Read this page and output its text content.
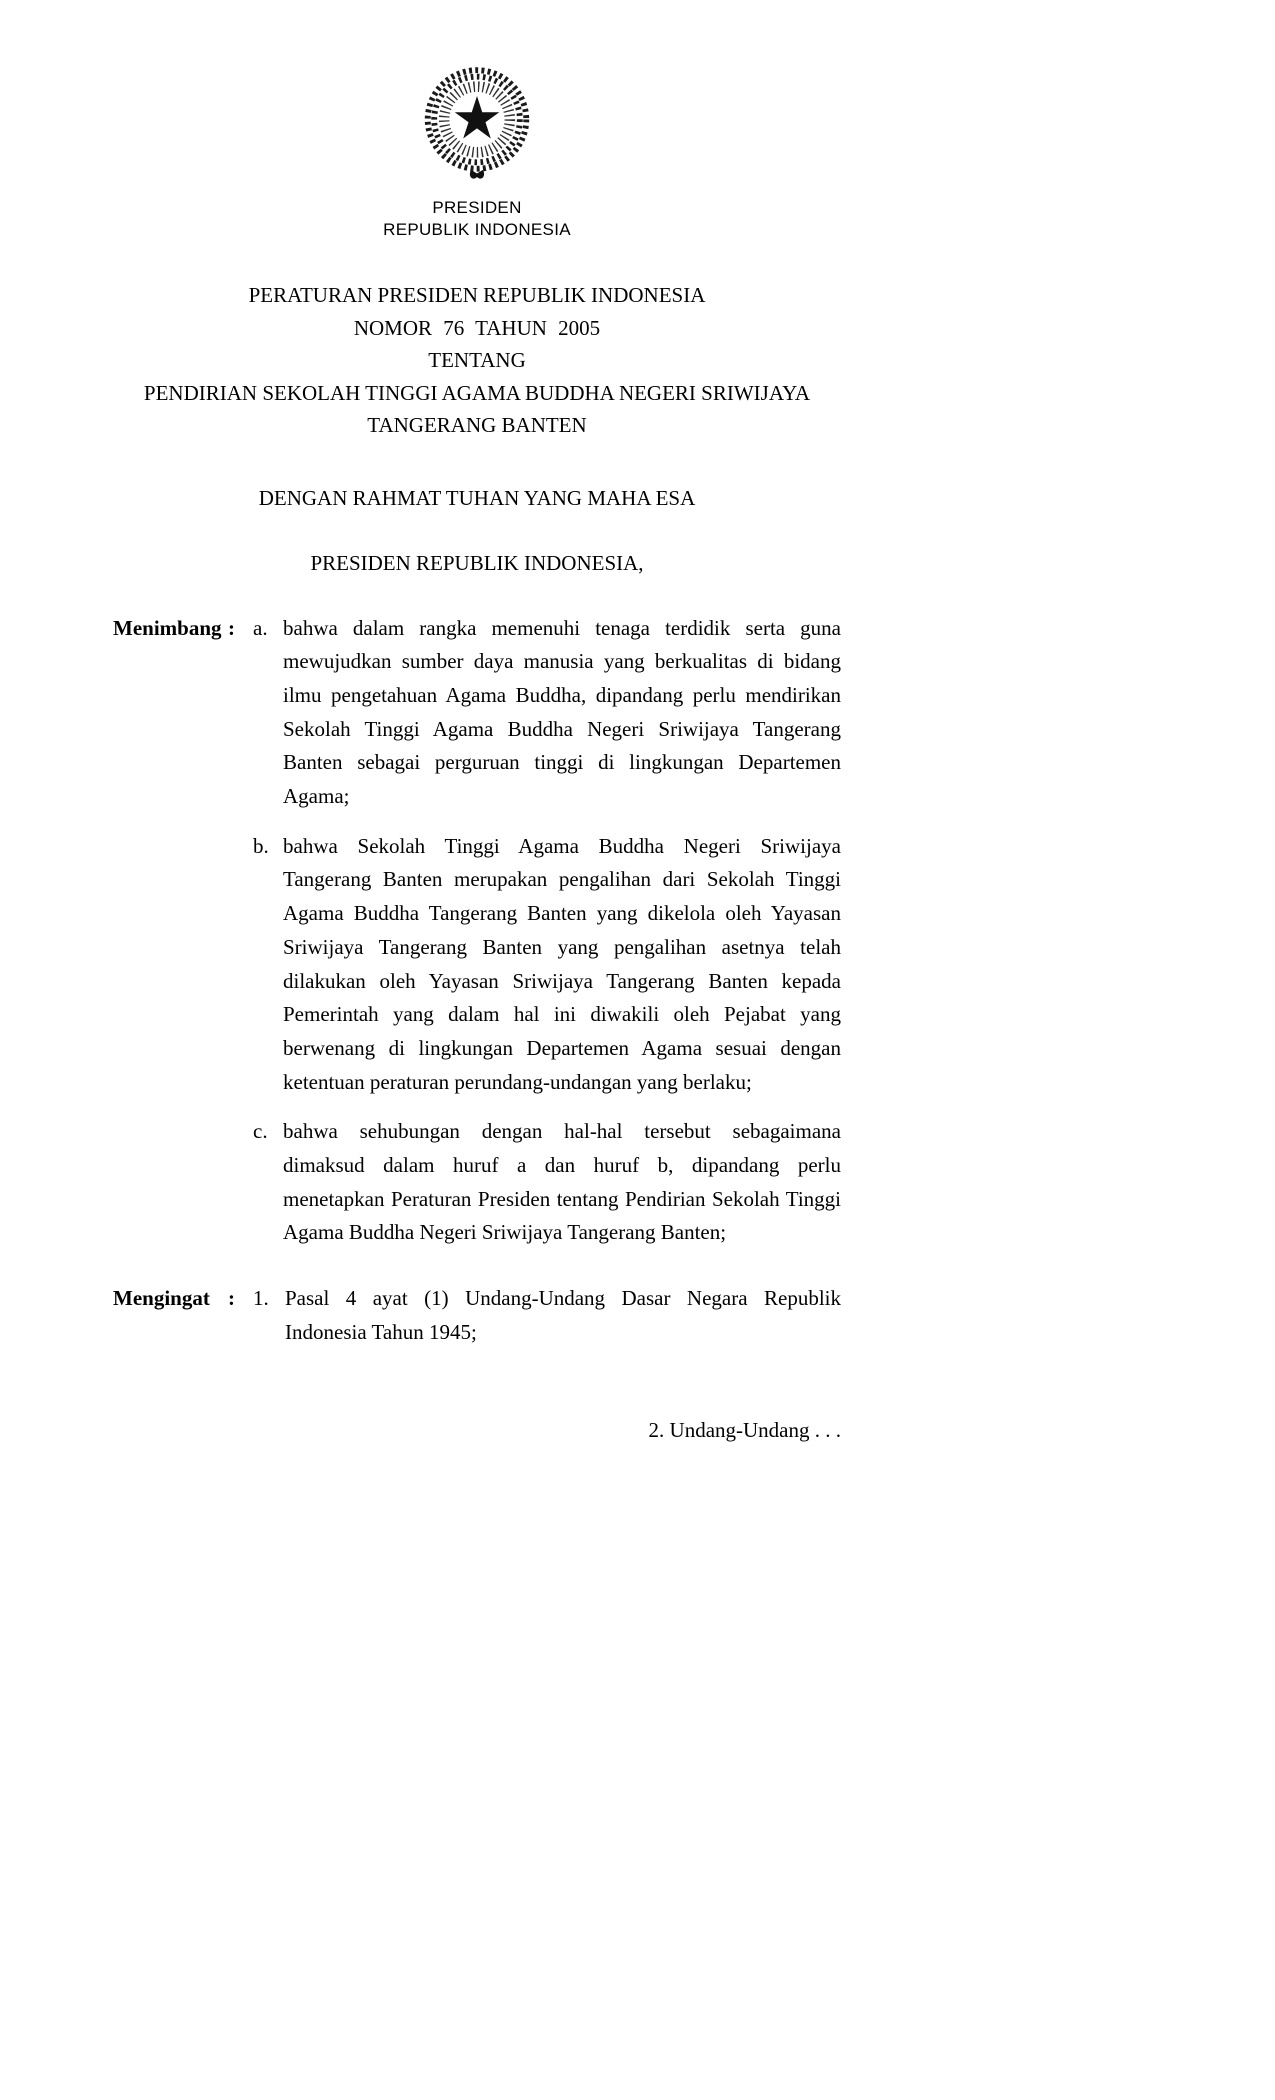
PRESIDEN
REPUBLIK INDONESIA
PERATURAN PRESIDEN REPUBLIK INDONESIA
NOMOR 76 TAHUN 2005
TENTANG
PENDIRIAN SEKOLAH TINGGI AGAMA BUDDHA NEGERI SRIWIJAYA
TANGERANG BANTEN
DENGAN RAHMAT TUHAN YANG MAHA ESA
PRESIDEN REPUBLIK INDONESIA,
Menimbang : a. bahwa dalam rangka memenuhi tenaga terdidik serta guna mewujudkan sumber daya manusia yang berkualitas di bidang ilmu pengetahuan Agama Buddha, dipandang perlu mendirikan Sekolah Tinggi Agama Buddha Negeri Sriwijaya Tangerang Banten sebagai perguruan tinggi di lingkungan Departemen Agama;
b. bahwa Sekolah Tinggi Agama Buddha Negeri Sriwijaya Tangerang Banten merupakan pengalihan dari Sekolah Tinggi Agama Buddha Tangerang Banten yang dikelola oleh Yayasan Sriwijaya Tangerang Banten yang pengalihan asetnya telah dilakukan oleh Yayasan Sriwijaya Tangerang Banten kepada Pemerintah yang dalam hal ini diwakili oleh Pejabat yang berwenang di lingkungan Departemen Agama sesuai dengan ketentuan peraturan perundang-undangan yang berlaku;
c. bahwa sehubungan dengan hal-hal tersebut sebagaimana dimaksud dalam huruf a dan huruf b, dipandang perlu menetapkan Peraturan Presiden tentang Pendirian Sekolah Tinggi Agama Buddha Negeri Sriwijaya Tangerang Banten;
Mengingat : 1. Pasal 4 ayat (1) Undang-Undang Dasar Negara Republik Indonesia Tahun 1945;
2. Undang-Undang . . .
